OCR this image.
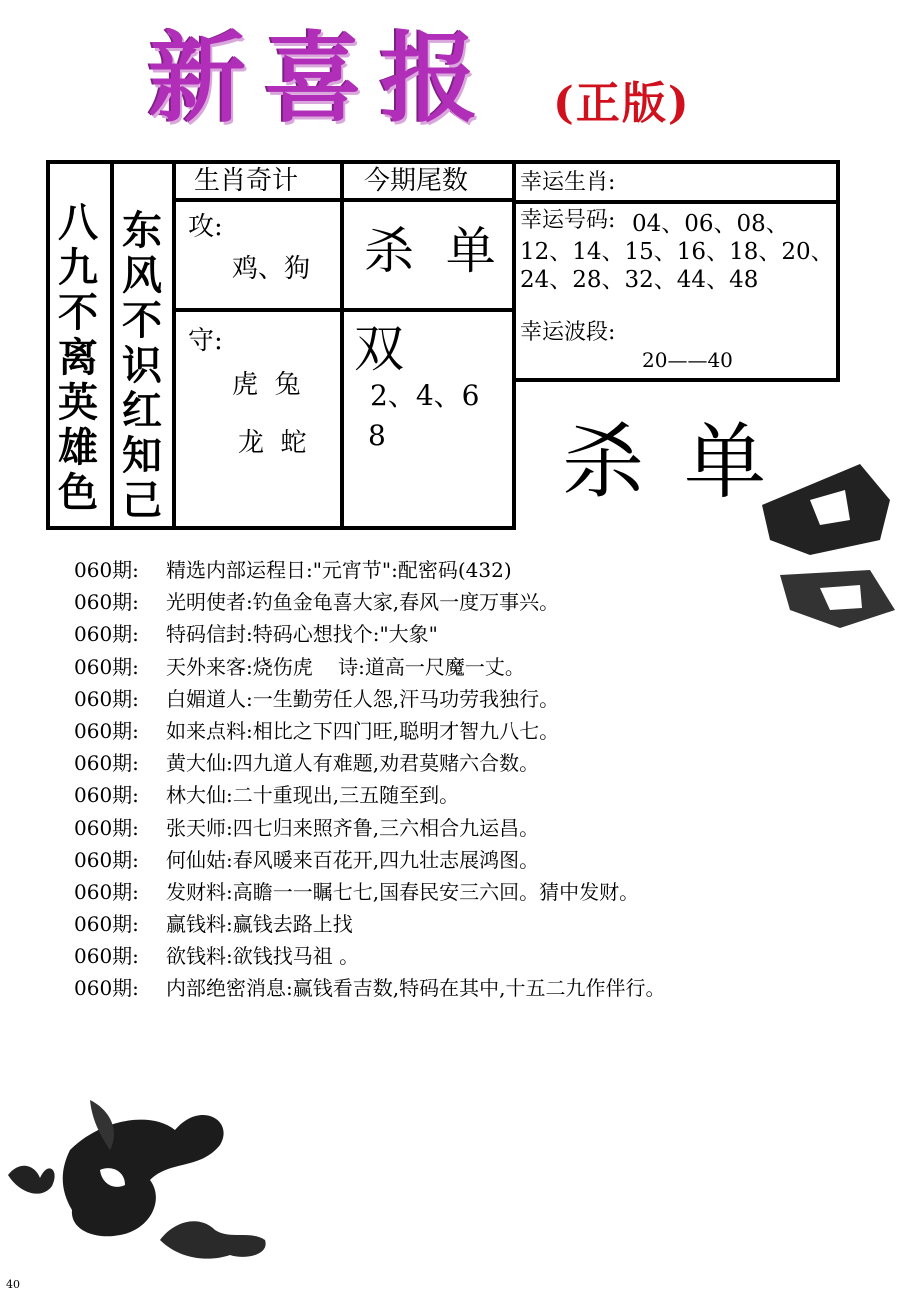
新喜报 (正版)
八九不离英雄色
东风不识红知己
生肖奇计
攻:
鸡、狗
守:
虎  兔
龙  蛇
今期尾数
杀  单
双
2、4、6
8
幸运生肖:
幸运号码: 04、06、08、12、14、15、16、18、20、24、28、32、44、48
幸运波段:
20——40
杀单
060期: 精选内部运程日:"元宵节":配密码(432)
060期: 光明使者:钓鱼金龟喜大家,春风一度万事兴。
060期: 特码信封:特码心想找个:"大象"
060期: 天外来客:烧伤虎    诗:道高一尺魔一丈。
060期: 白媚道人:一生勤劳任人怨,汗马功劳我独行。
060期: 如来点料:相比之下四门旺,聪明才智九八七。
060期: 黄大仙:四九道人有难题,劝君莫赌六合数。
060期: 林大仙:二十重现出,三五随至到。
060期: 张天师:四七归来照齐鲁,三六相合九运昌。
060期: 何仙姑:春风暖来百花开,四九壮志展鸿图。
060期: 发财料:高瞻一一瞩七七,国春民安三六回。猜中发财。
060期: 赢钱料:赢钱去路上找
060期: 欲钱料:欲钱找马祖 。
060期: 内部绝密消息:赢钱看吉数,特码在其中,十五二九作伴行。
40
